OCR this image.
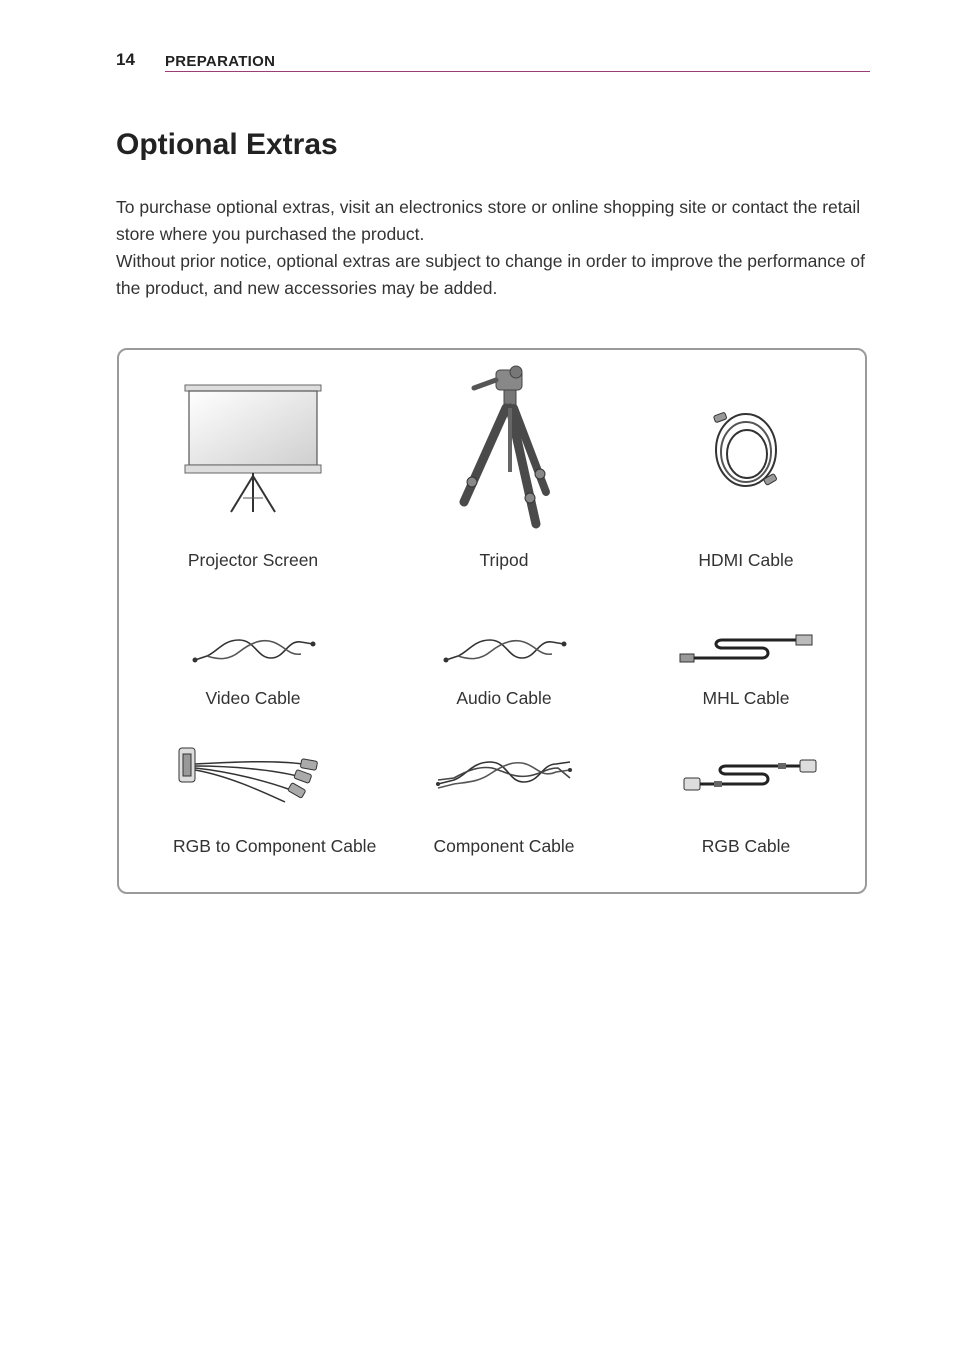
14 PREPARATION
Optional Extras

To purchase optional extras, visit an electronics store or online shopping site or contact the retail store where you purchased the product.

Without prior notice, optional extras are subject to change in order to improve the performance of the product, and new accessories may be added.

Projector Screen	Tripod	HDMI Cable
Video Cable	Audio Cable	MHL Cable
RGB to Component Cable	Component Cable	RGB Cable
